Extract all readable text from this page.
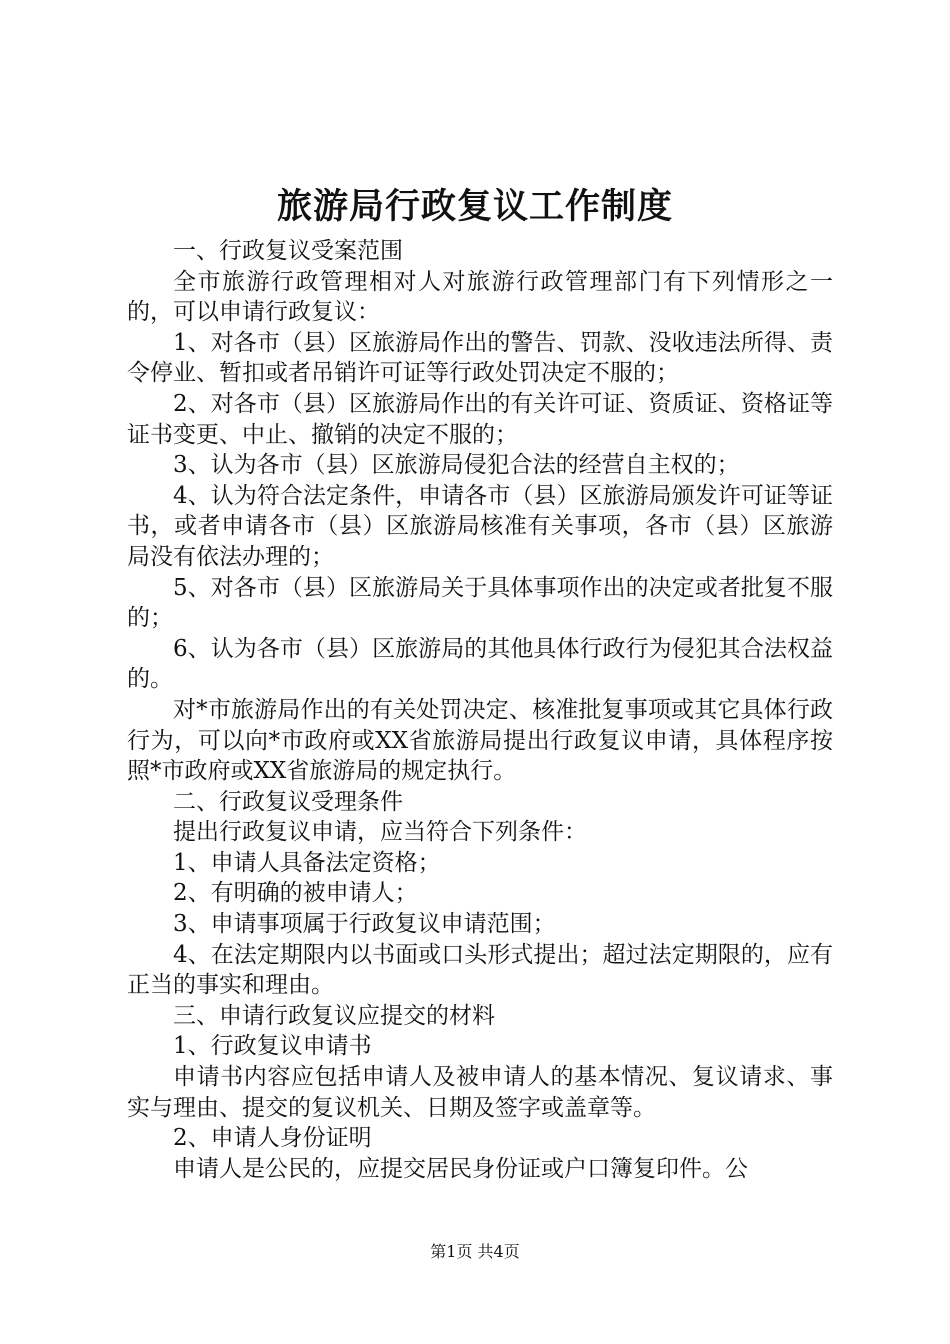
旅游局行政复议工作制度

一、行政复议受案范围

全市旅游行政管理相对人对旅游行政管理部门有下列情形之一的，可以申请行政复议：

1、对各市（县）区旅游局作出的警告、罚款、没收违法所得、责令停业、暂扣或者吊销许可证等行政处罚决定不服的；

2、对各市（县）区旅游局作出的有关许可证、资质证、资格证等证书变更、中止、撤销的决定不服的；

3、认为各市（县）区旅游局侵犯合法的经营自主权的；

4、认为符合法定条件，申请各市（县）区旅游局颁发许可证等证书，或者申请各市（县）区旅游局核准有关事项，各市（县）区旅游局没有依法办理的；

5、对各市（县）区旅游局关于具体事项作出的决定或者批复不服的；

6、认为各市（县）区旅游局的其他具体行政行为侵犯其合法权益的。

对*市旅游局作出的有关处罚决定、核准批复事项或其它具体行政行为，可以向*市政府或XX省旅游局提出行政复议申请，具体程序按照*市政府或XX省旅游局的规定执行。

二、行政复议受理条件

提出行政复议申请，应当符合下列条件：

1、申请人具备法定资格；

2、有明确的被申请人；

3、申请事项属于行政复议申请范围；

4、在法定期限内以书面或口头形式提出；超过法定期限的，应有正当的事实和理由。

三、申请行政复议应提交的材料

1、行政复议申请书

申请书内容应包括申请人及被申请人的基本情况、复议请求、事实与理由、提交的复议机关、日期及签字或盖章等。

2、申请人身份证明

申请人是公民的，应提交居民身份证或户口簿复印件。公

第1页 共4页
